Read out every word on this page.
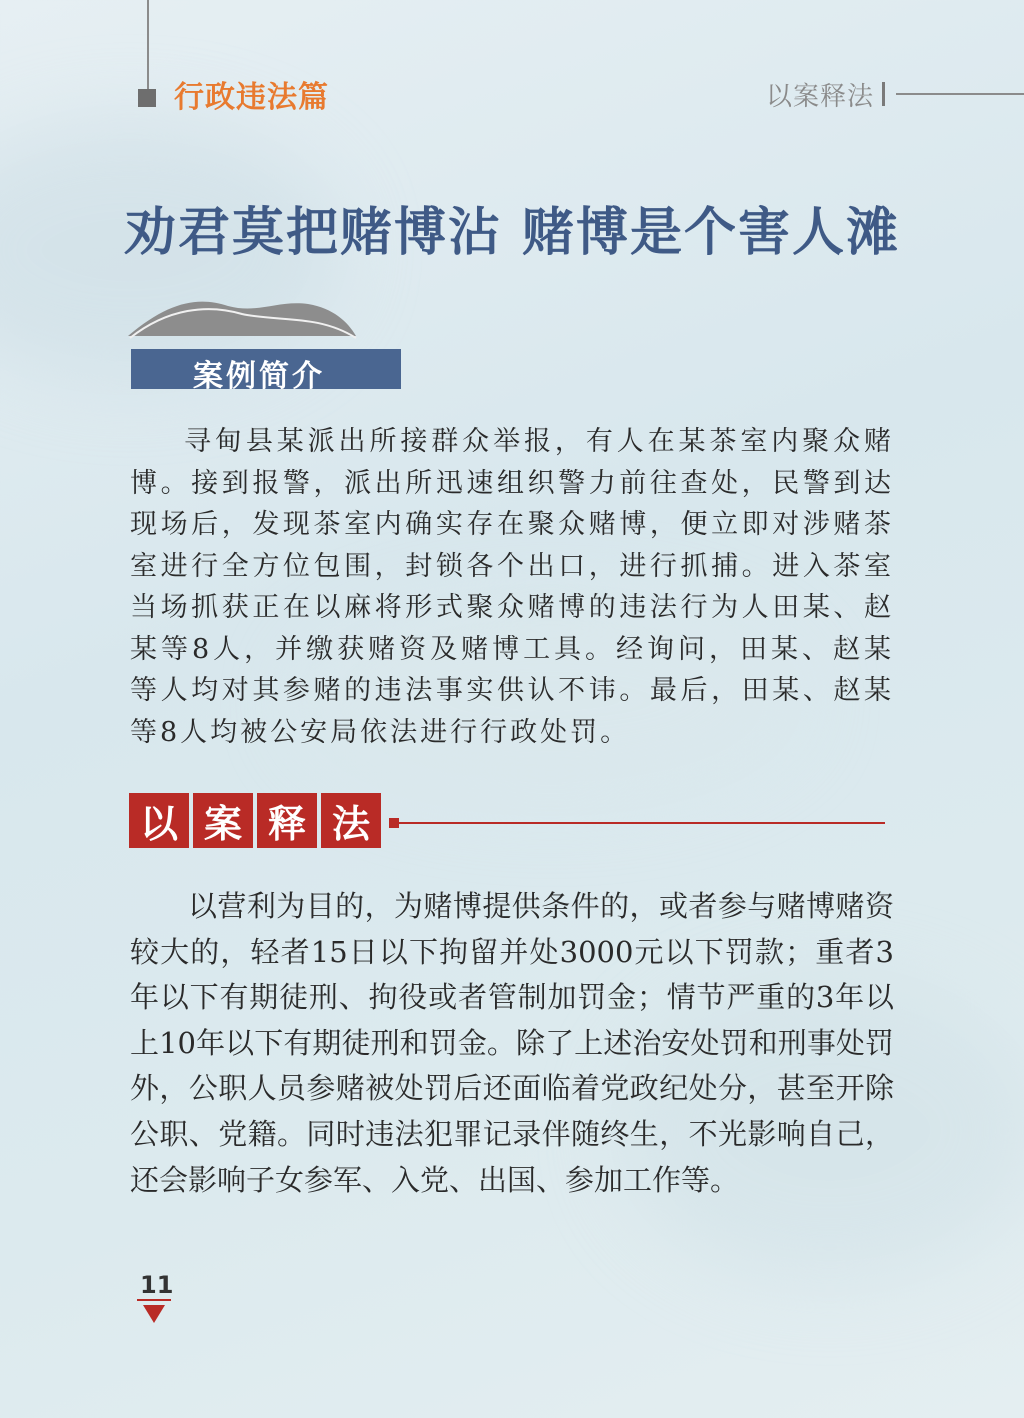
行政违法篇	以案释法
劝君莫把赌博沾 赌博是个害人滩
案例简介

寻甸县某派出所接群众举报，有人在某茶室内聚众赌博。接到报警，派出所迅速组织警力前往查处，民警到达现场后，发现茶室内确实存在聚众赌博，便立即对涉赌茶室进行全方位包围，封锁各个出口，进行抓捕。进入茶室当场抓获正在以麻将形式聚众赌博的违法行为人田某、赵某等8人，并缴获赌资及赌博工具。经询问，田某、赵某等人均对其参赌的违法事实供认不讳。最后，田某、赵某等8人均被公安局依法进行行政处罚。

以 案 释 法

以营利为目的，为赌博提供条件的，或者参与赌博赌资较大的，轻者15日以下拘留并处3000元以下罚款；重者3年以下有期徒刑、拘役或者管制加罚金；情节严重的3年以上10年以下有期徒刑和罚金。除了上述治安处罚和刑事处罚外，公职人员参赌被处罚后还面临着党政纪处分，甚至开除公职、党籍。同时违法犯罪记录伴随终生，不光影响自己，还会影响子女参军、入党、出国、参加工作等。

11
